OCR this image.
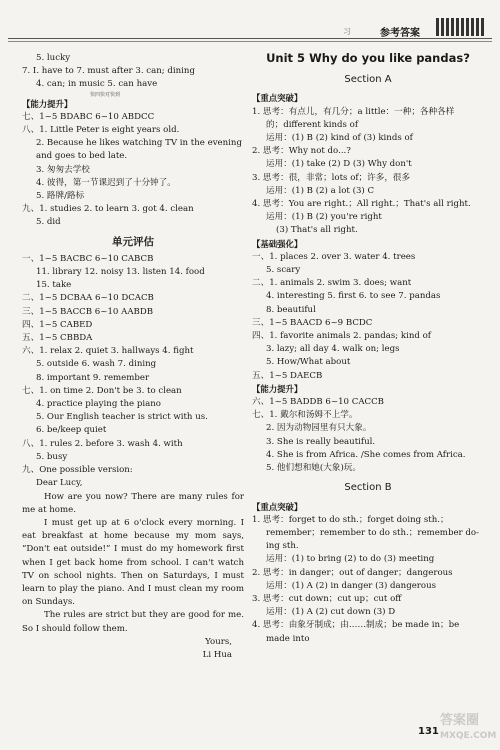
习	参考答案
5. lucky
7. I. have to 7. must after 3. can; dining
4. can; in music 5. can have
快四快对快到
【能力提升】
七、1~5 BDABC 6~10 ABDCC
八、1. Little Peter is eight years old.
2. Because he likes watching TV in the evening
and goes to bed late.
3. 匆匆去学校
4. 彼得，第一节课迟到了十分钟了。
5. 路牌/路标
九、1. studies 2. to learn 3. got 4. clean
5. did
单元评估
一、1~5 BACBC 6~10 CABCB
11. library 12. noisy 13. listen 14. food
15. take
二、1~5 DCBAA 6~10 DCACB
三、1~5 BACCB 6~10 AABDB
四、1~5 CABED
五、1~5 CBBDA
六、1. relax 2. quiet 3. hallways 4. fight
5. outside 6. wash 7. dining
8. important 9. remember
七、1. on time 2. Don't be 3. to clean
4. practice playing the piano
5. Our English teacher is strict with us.
6. be/keep quiet
八、1. rules 2. before 3. wash 4. with
5. busy
九、One possible version:
Dear Lucy,
How are you now? There are many rules for me at home.
I must get up at 6 o'clock every morning. I eat breakfast at home because my mom says, “Don't eat outside!” I must do my homework first when I get back home from school. I can't watch TV on school nights. Then on Saturdays, I must learn to play the piano. And I must clean my room on Sundays.
The rules are strict but they are good for me. So I should follow them.
Yours,
Li Hua
Unit 5 Why do you like pandas?
Section A
【重点突破】
1. 思考：有点儿，有几分；a little：一种；各种各样
的；different kinds of
运用：(1) B (2) kind of (3) kinds of
2. 思考：Why not do...?
运用：(1) take (2) D (3) Why don't
3. 思考：很，非常；lots of；许多，很多
运用：(1) B (2) a lot (3) C
4. 思考：You are right.；All right.；That's all right.
运用：(1) B (2) you're right
(3) That's all right.
【基础强化】
一、1. places 2. over 3. water 4. trees
5. scary
二、1. animals 2. swim 3. does; want
4. interesting 5. first 6. to see 7. pandas
8. beautiful
三、1~5 BAACD 6~9 BCDC
四、1. favorite animals 2. pandas; kind of
3. lazy; all day 4. walk on; legs
5. How/What about
五、1~5 DAECB
【能力提升】
六、1~5 BADDB 6~10 CACCB
七、1. 戴尔和汤姆不上学。
2. 因为动物园里有只大象。
3. She is really beautiful.
4. She is from Africa. /She comes from Africa.
5. 他们想和她(大象)玩。
Section B
【重点突破】
1. 思考：forget to do sth.；forget doing sth.；
remember；remember to do sth.；remember do-
ing sth.
运用：(1) to bring (2) to do (3) meeting
2. 思考：in danger；out of danger；dangerous
运用：(1) A (2) in danger (3) dangerous
3. 思考：cut down；cut up；cut off
运用：(1) A (2) cut down (3) D
4. 思考：由象牙制成；由……制成；be made in；be
made into
131
答案圈
MXQE.COM
